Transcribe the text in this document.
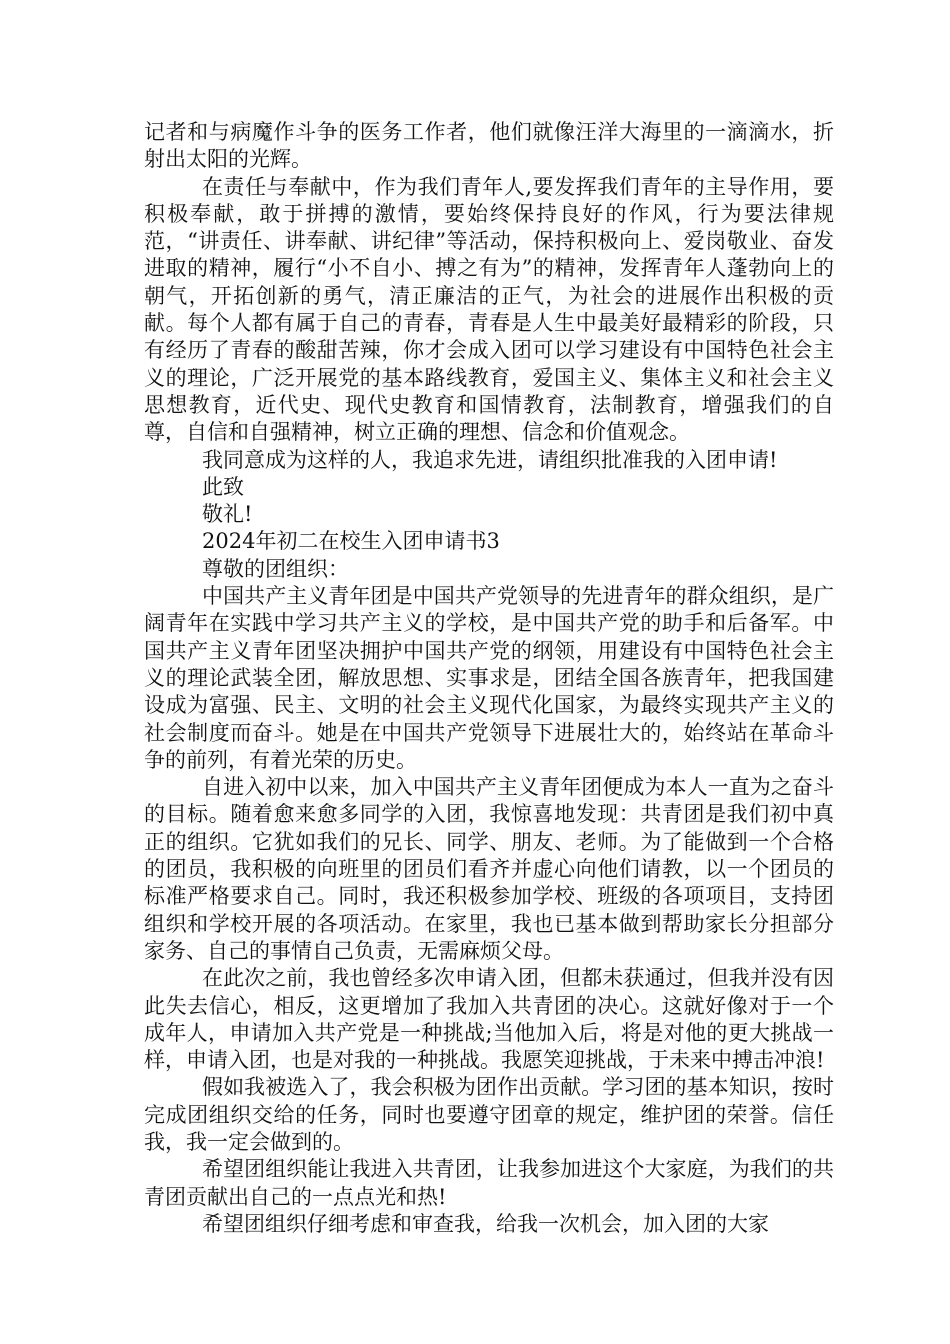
记者和与病魔作斗争的医务工作者，他们就像汪洋大海里的一滴滴水，折射出太阳的光辉。

在责任与奉献中，作为我们青年人,要发挥我们青年的主导作用，要积极奉献，敢于拼搏的激情，要始终保持良好的作风，行为要法律规范，“讲责任、讲奉献、讲纪律”等活动，保持积极向上、爱岗敬业、奋发进取的精神，履行“小不自小、搏之有为”的精神，发挥青年人蓬勃向上的朝气，开拓创新的勇气，清正廉洁的正气，为社会的进展作出积极的贡献。每个人都有属于自己的青春，青春是人生中最美好最精彩的阶段，只有经历了青春的酸甜苦辣，你才会成入团可以学习建设有中国特色社会主义的理论，广泛开展党的基本路线教育，爱国主义、集体主义和社会主义思想教育，近代史、现代史教育和国情教育，法制教育，增强我们的自尊，自信和自强精神，树立正确的理想、信念和价值观念。

我同意成为这样的人，我追求先进，请组织批准我的入团申请!

此致

敬礼!

2024年初二在校生入团申请书3

尊敬的团组织：

中国共产主义青年团是中国共产党领导的先进青年的群众组织，是广阔青年在实践中学习共产主义的学校，是中国共产党的助手和后备军。中国共产主义青年团坚决拥护中国共产党的纲领，用建设有中国特色社会主义的理论武装全团，解放思想、实事求是，团结全国各族青年，把我国建设成为富强、民主、文明的社会主义现代化国家，为最终实现共产主义的社会制度而奋斗。她是在中国共产党领导下进展壮大的，始终站在革命斗争的前列，有着光荣的历史。

自进入初中以来，加入中国共产主义青年团便成为本人一直为之奋斗的目标。随着愈来愈多同学的入团，我惊喜地发现：共青团是我们初中真正的组织。它犹如我们的兄长、同学、朋友、老师。为了能做到一个合格的团员，我积极的向班里的团员们看齐并虚心向他们请教，以一个团员的标准严格要求自己。同时，我还积极参加学校、班级的各项项目，支持团组织和学校开展的各项活动。在家里，我也已基本做到帮助家长分担部分家务、自己的事情自己负责，无需麻烦父母。

在此次之前，我也曾经多次申请入团，但都未获通过，但我并没有因此失去信心，相反，这更增加了我加入共青团的决心。这就好像对于一个成年人，申请加入共产党是一种挑战;当他加入后，将是对他的更大挑战一样，申请入团，也是对我的一种挑战。我愿笑迎挑战，于未来中搏击冲浪!

假如我被选入了，我会积极为团作出贡献。学习团的基本知识，按时完成团组织交给的任务，同时也要遵守团章的规定，维护团的荣誉。信任我，我一定会做到的。

希望团组织能让我进入共青团，让我参加进这个大家庭，为我们的共青团贡献出自己的一点点光和热!

希望团组织仔细考虑和审查我，给我一次机会，加入团的大家
